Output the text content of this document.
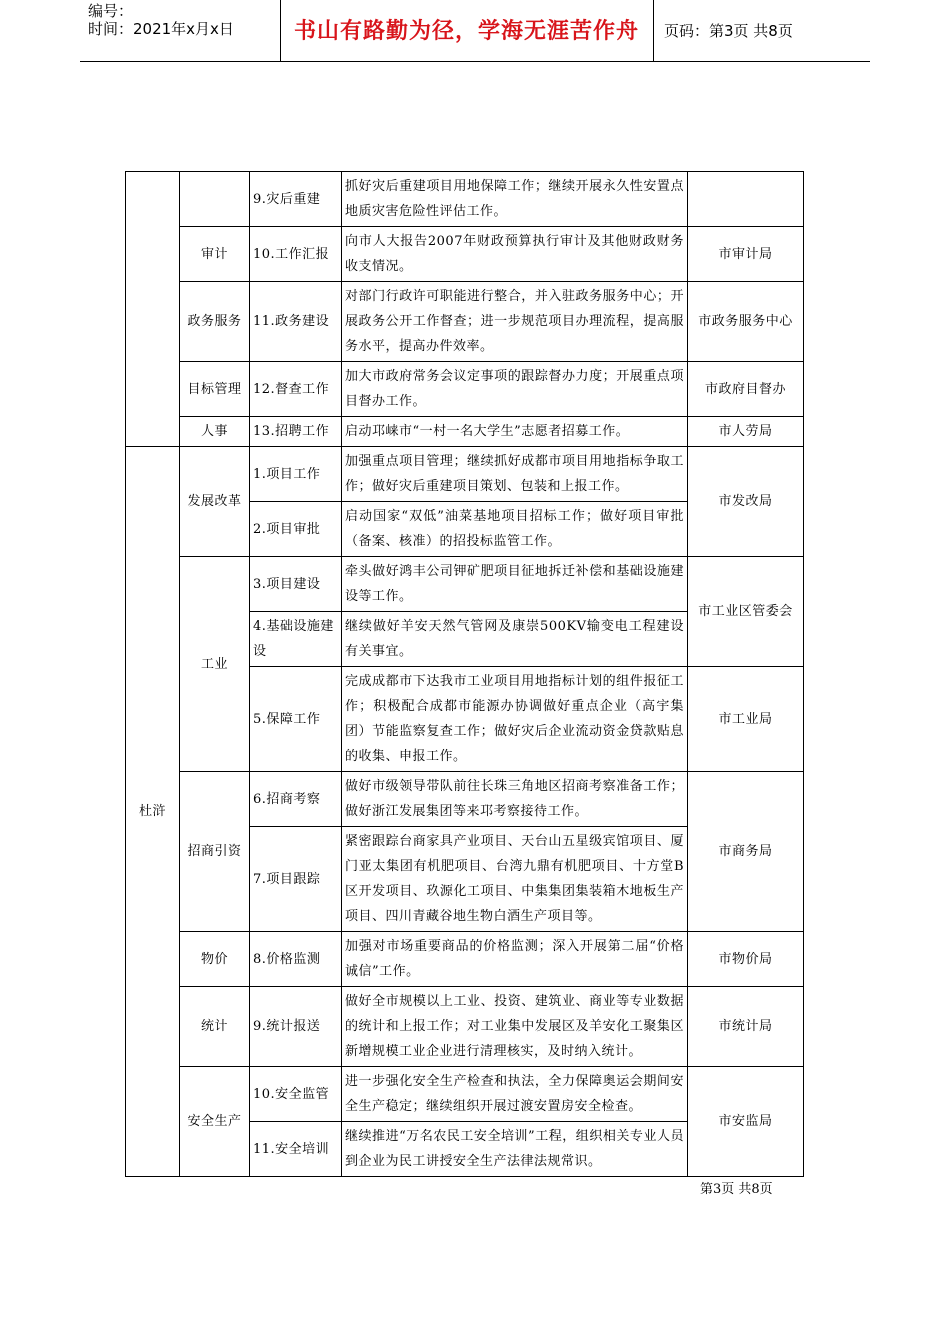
编号：
时间：2021年x月x日	书山有路勤为径，学海无涯苦作舟	页码：第3页 共8页
		9.灾后重建	抓好灾后重建项目用地保障工作；继续开展永久性安置点地质灾害危险性评估工作。	
	审计	10.工作汇报	向市人大报告2007年财政预算执行审计及其他财政财务收支情况。	市审计局
	政务服务	11.政务建设	对部门行政许可职能进行整合，并入驻政务服务中心；开展政务公开工作督查；进一步规范项目办理流程，提高服务水平，提高办件效率。	市政务服务中心
	目标管理	12.督查工作	加大市政府常务会议定事项的跟踪督办力度；开展重点项目督办工作。	市政府目督办
	人事	13.招聘工作	启动邛崃市“一村一名大学生”志愿者招募工作。	市人劳局
杜浒	发展改革	1.项目工作	加强重点项目管理；继续抓好成都市项目用地指标争取工作；做好灾后重建项目策划、包装和上报工作。	市发改局
		2.项目审批	启动国家“双低”油菜基地项目招标工作；做好项目审批（备案、核准）的招投标监管工作。	
	工业	3.项目建设	牵头做好鸿丰公司钾矿肥项目征地拆迁补偿和基础设施建设等工作。	市工业区管委会
		4.基础设施建设	继续做好羊安天然气管网及康崇500KV输变电工程建设有关事宜。	
		5.保障工作	完成成都市下达我市工业项目用地指标计划的组件报征工作；积极配合成都市能源办协调做好重点企业（高宇集团）节能监察复查工作；做好灾后企业流动资金贷款贴息的收集、申报工作。	市工业局
	招商引资	6.招商考察	做好市级领导带队前往长珠三角地区招商考察准备工作；做好浙江发展集团等来邛考察接待工作。	市商务局
		7.项目跟踪	紧密跟踪台商家具产业项目、天台山五星级宾馆项目、厦门亚太集团有机肥项目、台湾九鼎有机肥项目、十方堂B区开发项目、玖源化工项目、中集集团集装箱木地板生产项目、四川青藏谷地生物白酒生产项目等。	
	物价	8.价格监测	加强对市场重要商品的价格监测；深入开展第二届“价格诚信”工作。	市物价局
	统计	9.统计报送	做好全市规模以上工业、投资、建筑业、商业等专业数据的统计和上报工作；对工业集中发展区及羊安化工聚集区新增规模工业企业进行清理核实，及时纳入统计。	市统计局
	安全生产	10.安全监管	进一步强化安全生产检查和执法，全力保障奥运会期间安全生产稳定；继续组织开展过渡安置房安全检查。	市安监局
		11.安全培训	继续推进“万名农民工安全培训”工程，组织相关专业人员到企业为民工讲授安全生产法律法规常识。	
第3页 共8页
